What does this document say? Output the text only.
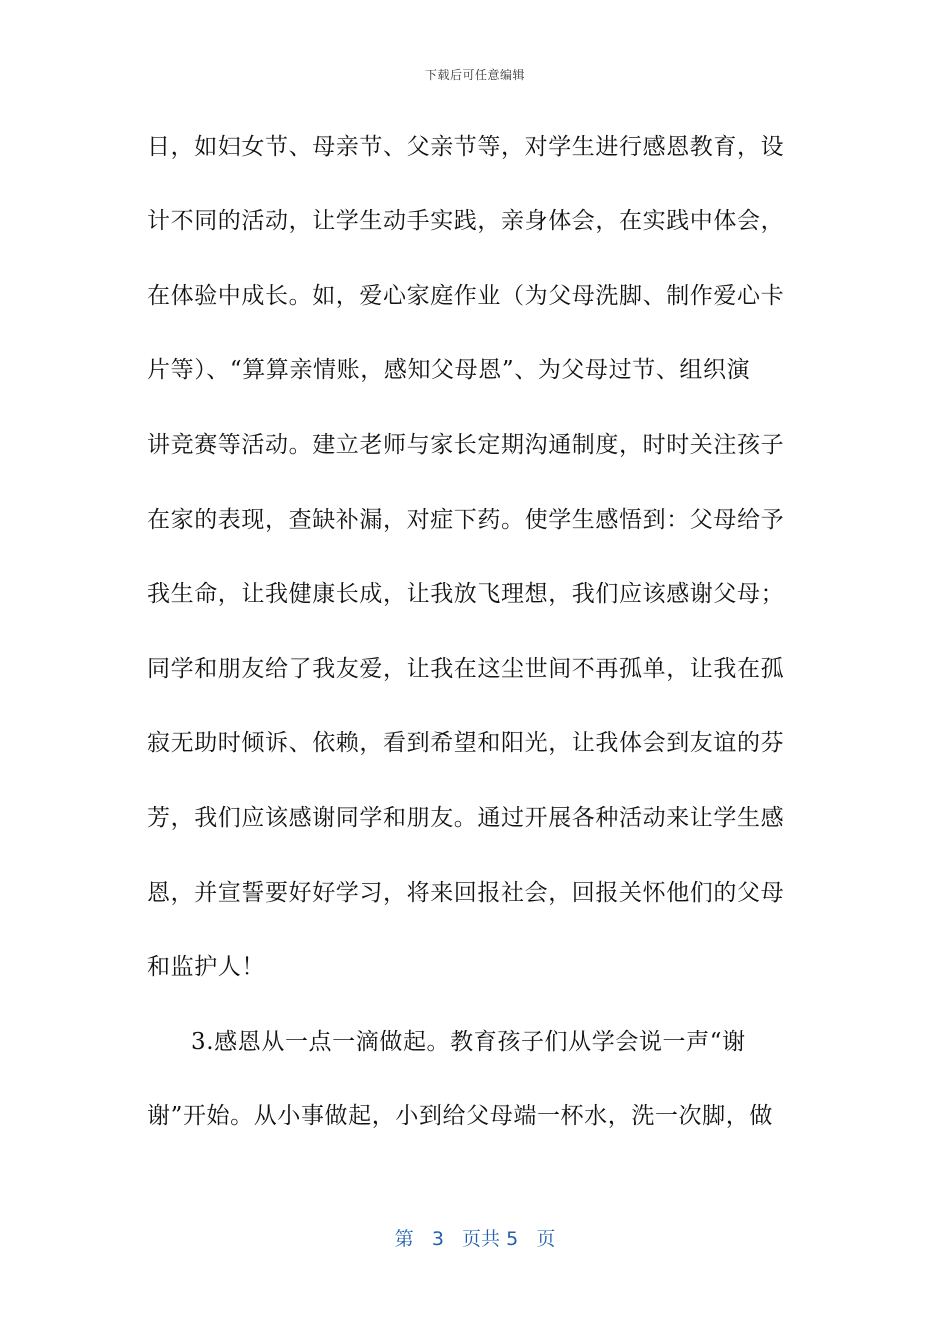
下载后可任意编辑
日，如妇女节、母亲节、父亲节等，对学生进行感恩教育，设
计不同的活动，让学生动手实践，亲身体会，在实践中体会，
在体验中成长。如，爱心家庭作业（为父母洗脚、制作爱心卡
片等）、“算算亲情账，感知父母恩”、为父母过节、组织演
讲竞赛等活动。建立老师与家长定期沟通制度，时时关注孩子
在家的表现，查缺补漏，对症下药。使学生感悟到：父母给予
我生命，让我健康长成，让我放飞理想，我们应该感谢父母；
同学和朋友给了我友爱，让我在这尘世间不再孤单，让我在孤
寂无助时倾诉、依赖，看到希望和阳光，让我体会到友谊的芬
芳，我们应该感谢同学和朋友。通过开展各种活动来让学生感
恩，并宣誓要好好学习，将来回报社会，回报关怀他们的父母
和监护人！
3.感恩从一点一滴做起。教育孩子们从学会说一声“谢
谢”开始。从小事做起，小到给父母端一杯水，洗一次脚，做
第 3 页共 5 页
